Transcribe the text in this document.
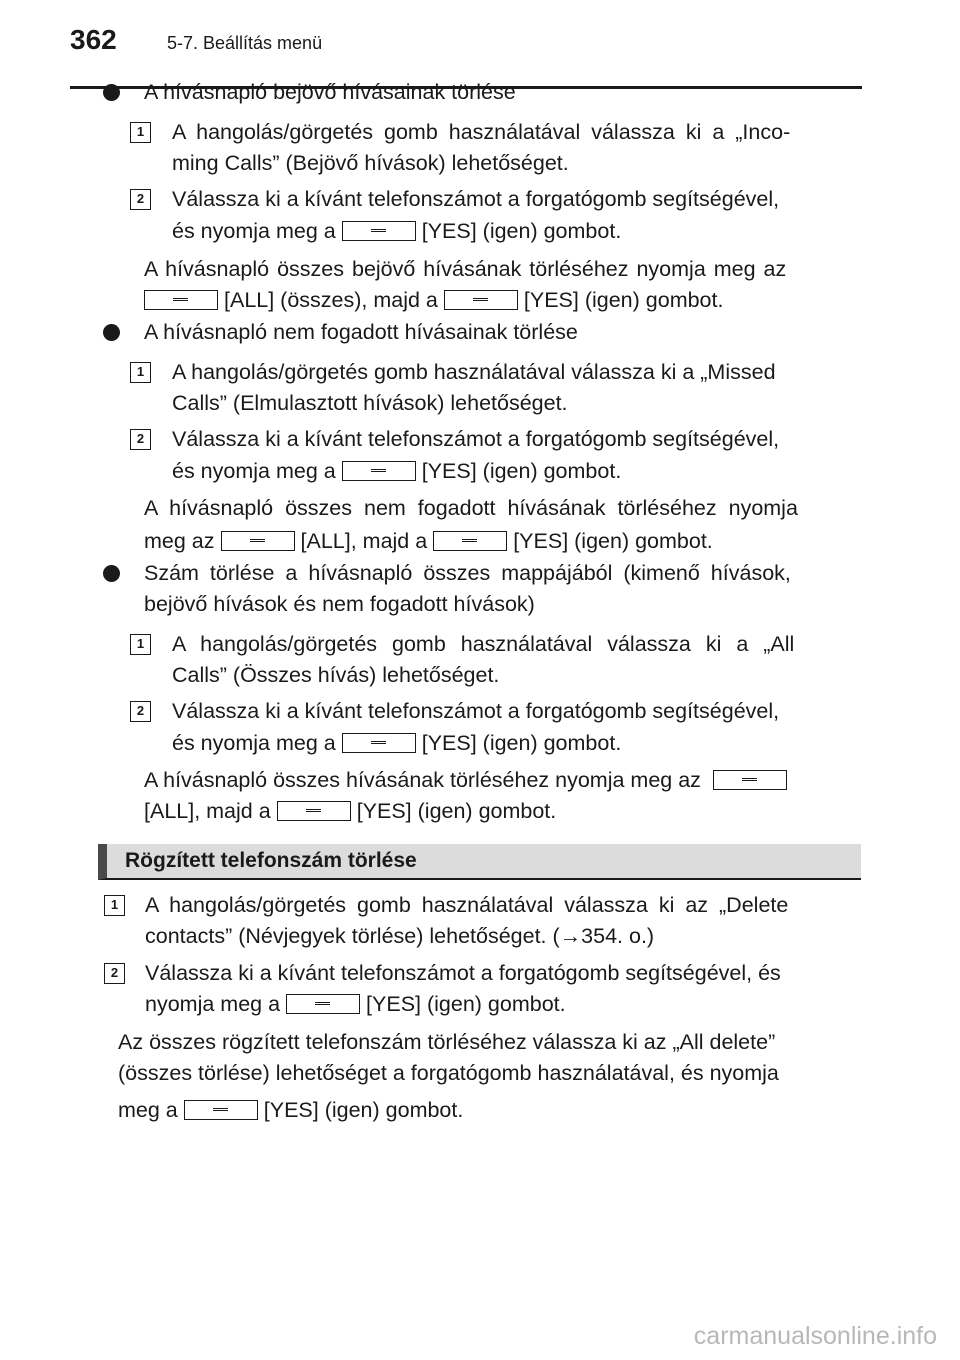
362	5-7. Beállítás menü
A hívásnapló bejövő hívásainak törlése
1	A hangolás/görgetés gomb használatával válassza ki a „Inco-
ming Calls” (Bejövő hívások) lehetőséget.
2	Válassza ki a kívánt telefonszámot a forgatógomb segítségével,
és nyomja meg a	[YES] (igen) gombot.
A hívásnapló összes bejövő hívásának törléséhez nyomja meg az
[ALL] (összes), majd a	[YES] (igen) gombot.
A hívásnapló nem fogadott hívásainak törlése
1	A hangolás/görgetés gomb használatával válassza ki a „Missed
Calls” (Elmulasztott hívások) lehetőséget.
2	Válassza ki a kívánt telefonszámot a forgatógomb segítségével,
és nyomja meg a	[YES] (igen) gombot.
A hívásnapló összes nem fogadott hívásának törléséhez nyomja
meg az	[ALL], majd a	[YES] (igen) gombot.
Szám törlése a hívásnapló összes mappájából (kimenő hívások,
bejövő hívások és nem fogadott hívások)
1	A hangolás/görgetés gomb használatával válassza ki a „All
Calls” (Összes hívás) lehetőséget.
2	Válassza ki a kívánt telefonszámot a forgatógomb segítségével,
és nyomja meg a	[YES] (igen) gombot.
A hívásnapló összes hívásának törléséhez nyomja meg az
[ALL], majd a	[YES] (igen) gombot.
Rögzített telefonszám törlése
1	A hangolás/görgetés gomb használatával válassza ki az „Delete
contacts” (Névjegyek törlése) lehetőséget. (→354. o.)
2	Válassza ki a kívánt telefonszámot a forgatógomb segítségével, és
nyomja meg a	[YES] (igen) gombot.
Az összes rögzített telefonszám törléséhez válassza ki az „All delete”
(összes törlése) lehetőséget a forgatógomb használatával, és nyomja
meg a	[YES] (igen) gombot.
carmanualsonline.info
